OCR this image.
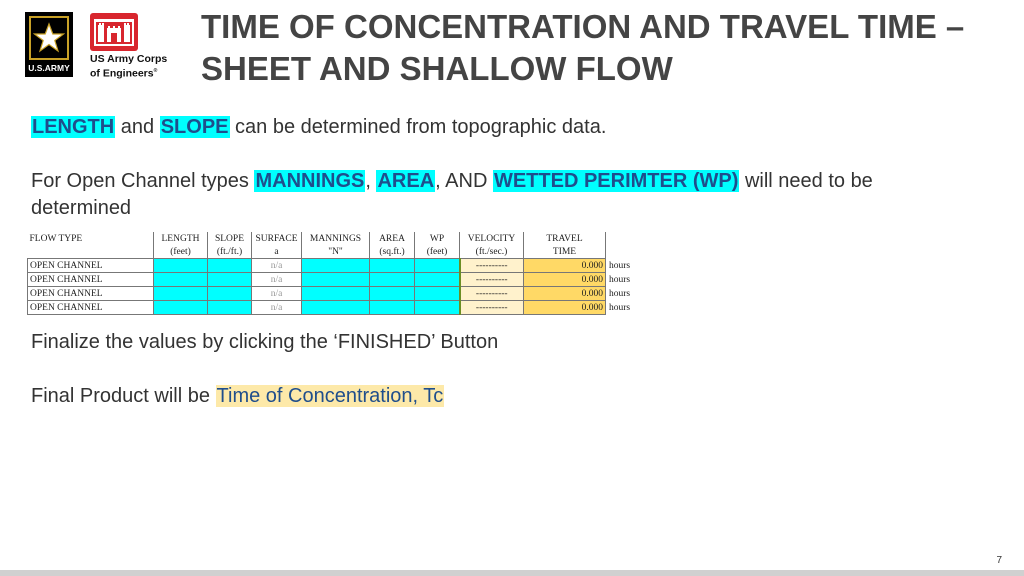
U.S.ARMY
US Army Corps
of Engineers®
TIME OF CONCENTRATION AND TRAVEL TIME –
SHEET AND SHALLOW FLOW
LENGTH and SLOPE can be determined from topographic data.
For Open Channel types MANNINGS, AREA, AND WETTED PERIMTER (WP) will need to be determined
FLOW TYPE	LENGTH	SLOPE	SURFACE	MANNINGS	AREA	WP	VELOCITY	TRAVEL	
	(feet)	(ft./ft.)	a	"N"	(sq.ft.)	(feet)	(ft./sec.)	TIME	
OPEN CHANNEL			n/a				----------	0.000	hours
OPEN CHANNEL			n/a				----------	0.000	hours
OPEN CHANNEL			n/a				----------	0.000	hours
OPEN CHANNEL			n/a				----------	0.000	hours
Finalize the values by clicking the ‘FINISHED’ Button
Final Product will be Time of Concentration, Tc
7
